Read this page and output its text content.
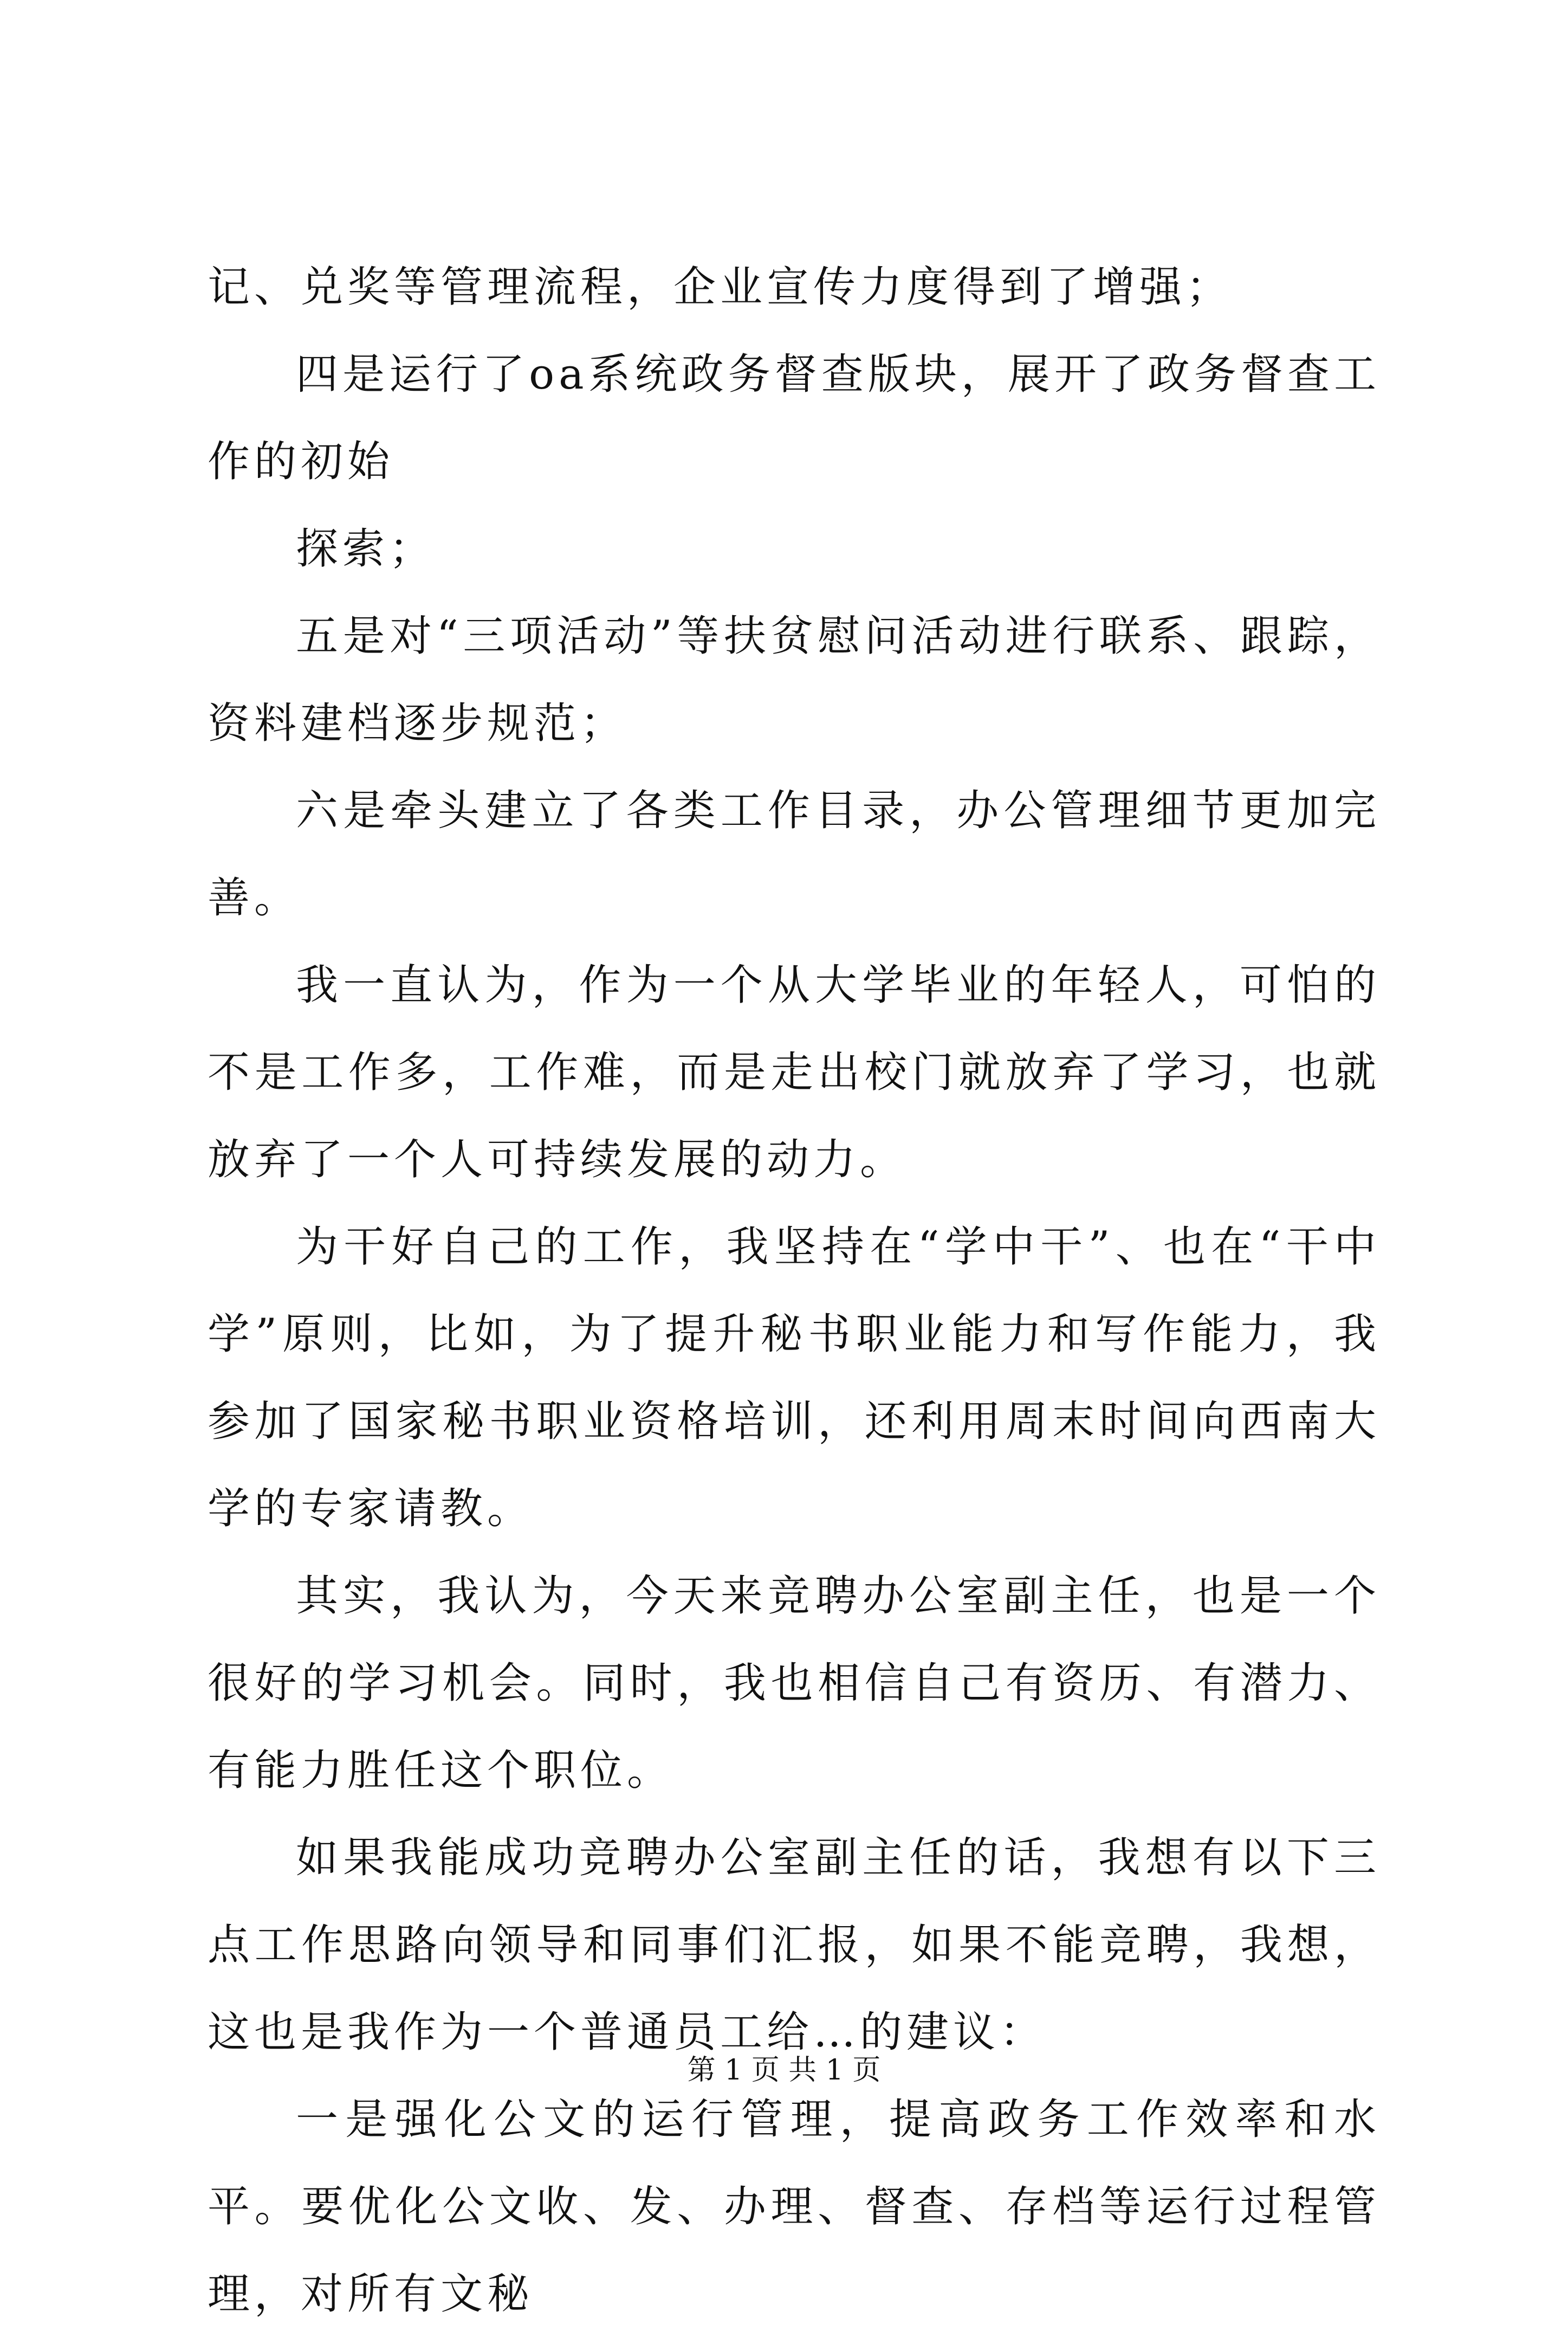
记、兑奖等管理流程，企业宣传力度得到了增强；

四是运行了oa系统政务督查版块，展开了政务督查工作的初始

探索；

五是对“三项活动”等扶贫慰问活动进行联系、跟踪，资料建档逐步规范；

六是牵头建立了各类工作目录，办公管理细节更加完善。

我一直认为，作为一个从大学毕业的年轻人，可怕的不是工作多，工作难，而是走出校门就放弃了学习，也就放弃了一个人可持续发展的动力。

为干好自己的工作，我坚持在“学中干”、也在“干中学”原则，比如，为了提升秘书职业能力和写作能力，我参加了国家秘书职业资格培训，还利用周末时间向西南大学的专家请教。

其实，我认为，今天来竞聘办公室副主任，也是一个很好的学习机会。同时，我也相信自己有资历、有潜力、有能力胜任这个职位。

如果我能成功竞聘办公室副主任的话，我想有以下三点工作思路向领导和同事们汇报，如果不能竞聘，我想，这也是我作为一个普通员工给…的建议：

一是强化公文的运行管理，提高政务工作效率和水平。要优化公文收、发、办理、督查、存档等运行过程管理，对所有文秘

第 1 页 共 1 页
